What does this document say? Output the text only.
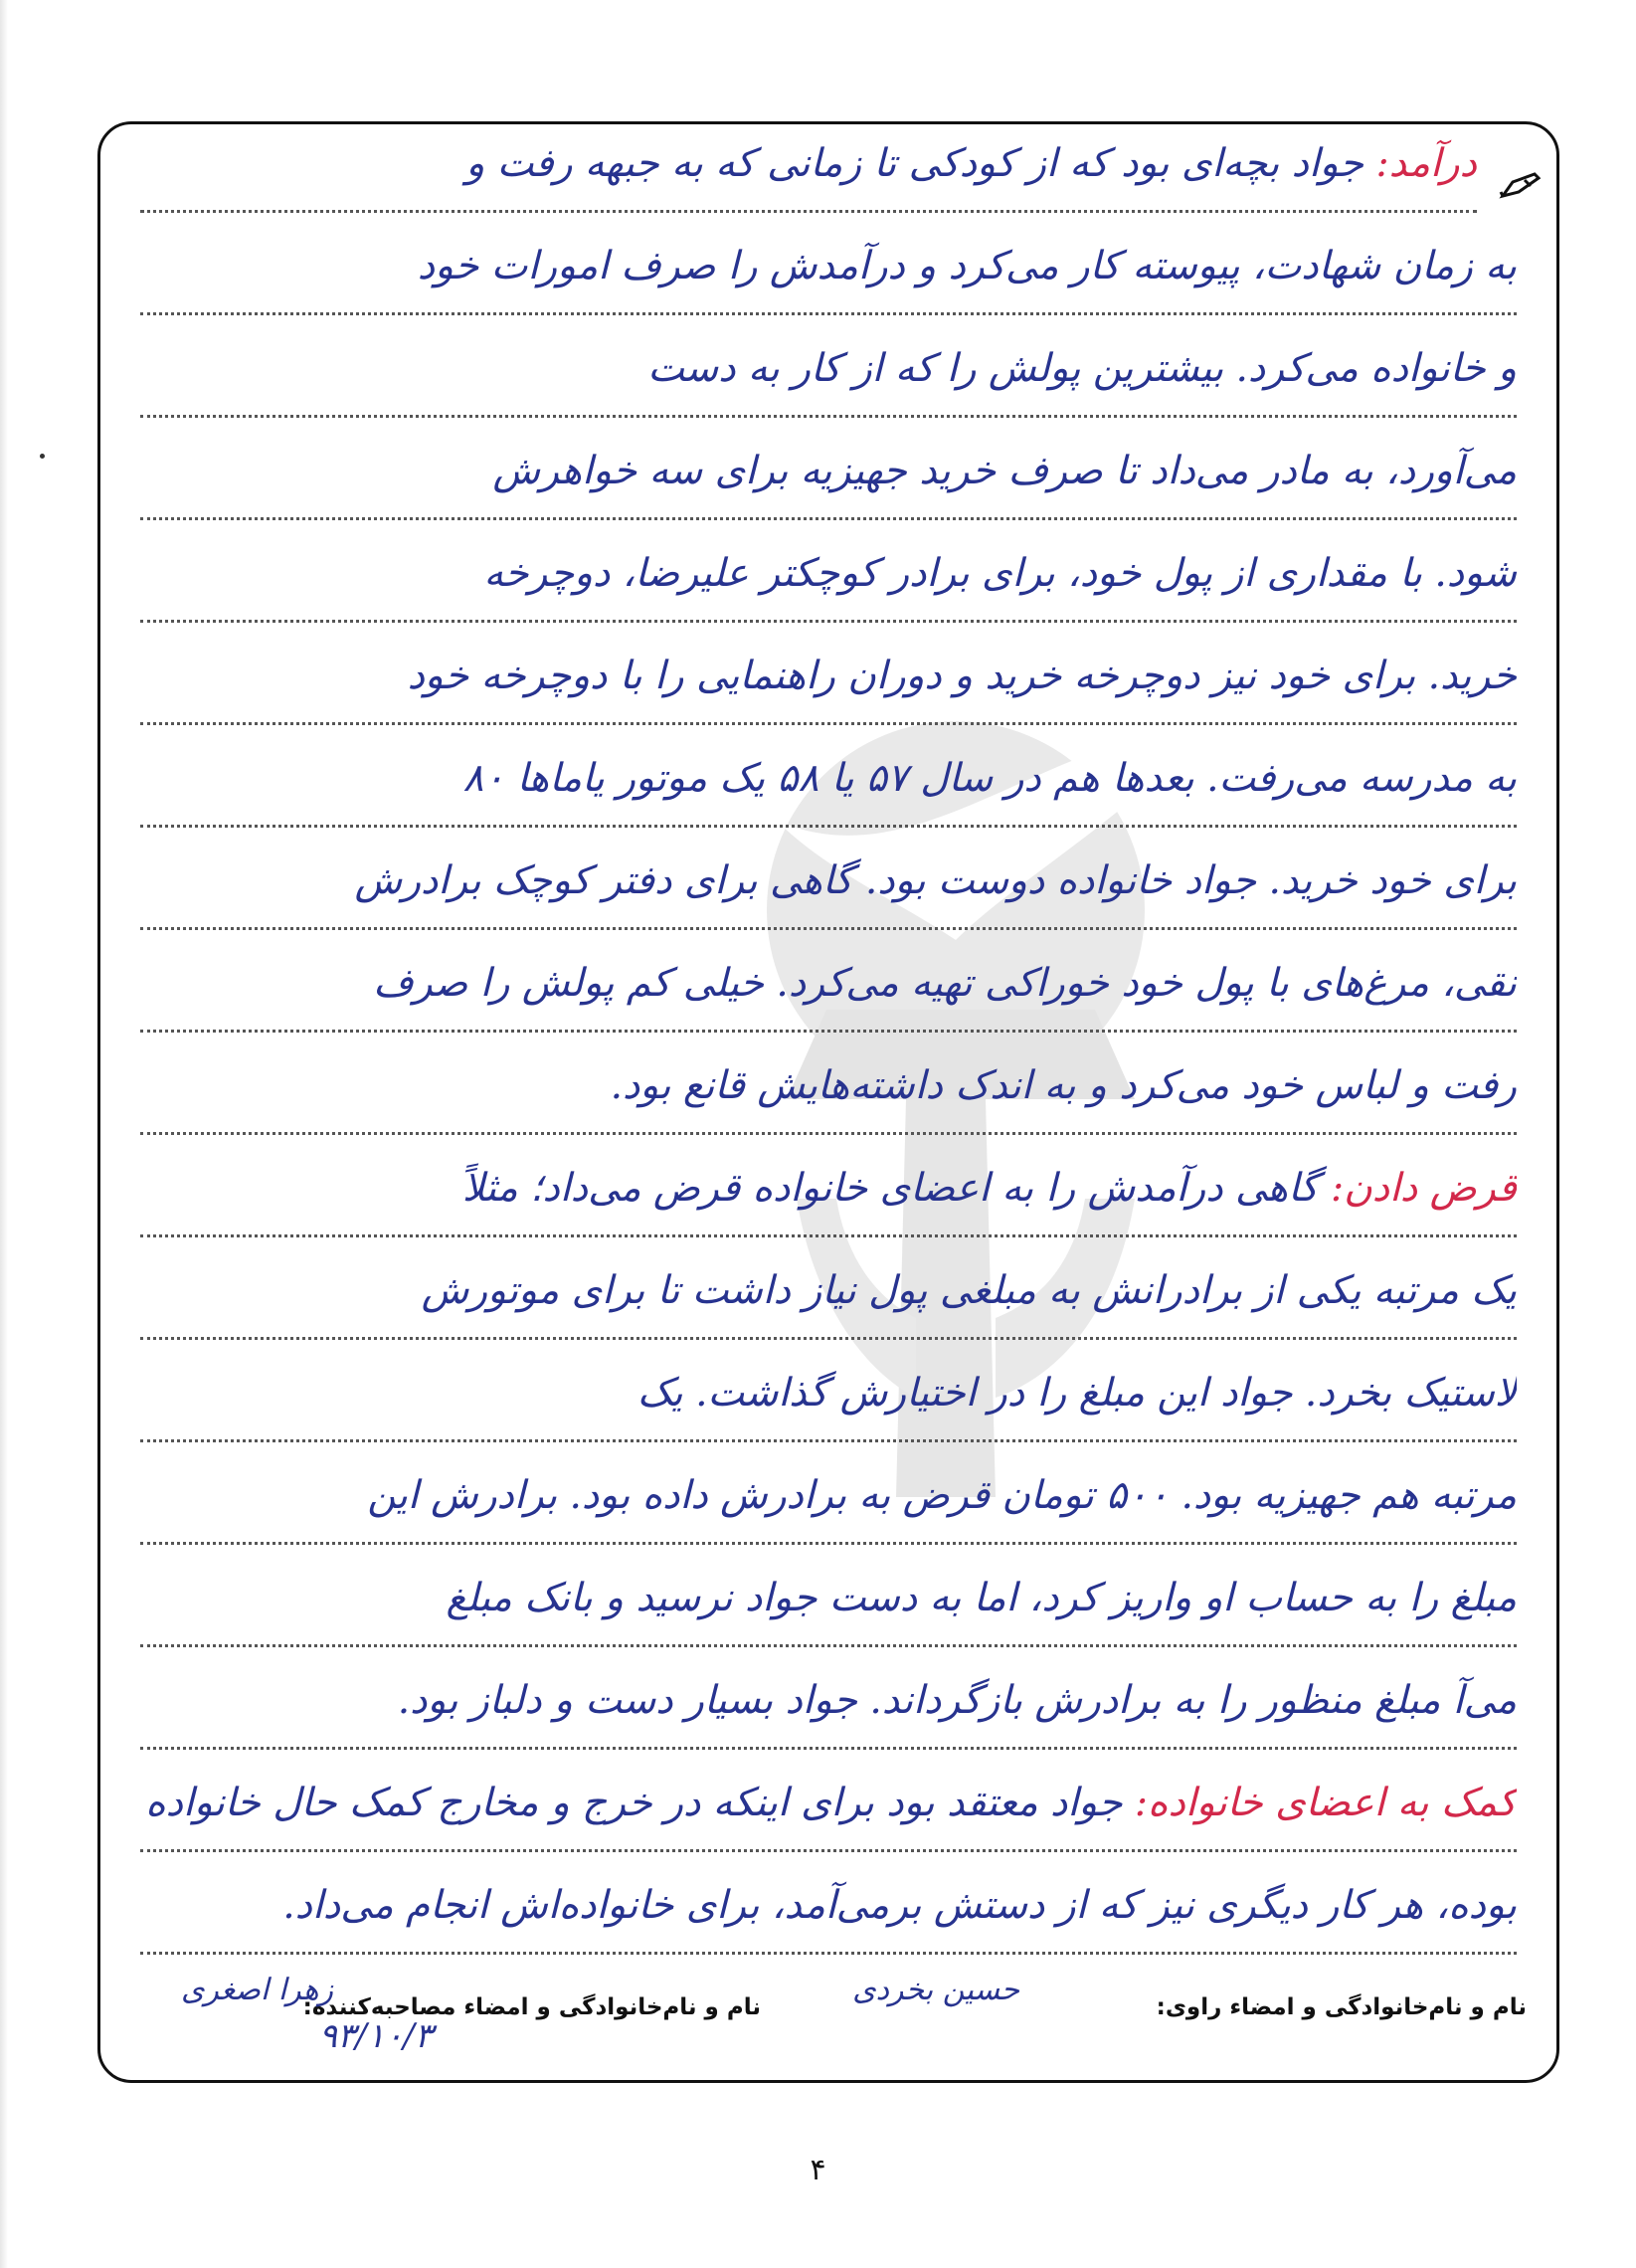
درآمد: جواد بچه‌ای بود که از کودکی تا زمانی که به جبهه رفت و
به زمان شهادت، پیوسته کار می‌کرد و درآمدش را صرف امورات خود
و خانواده می‌کرد. بیشترین پولش را که از کار به دست
می‌آورد، به مادر می‌داد تا صرف خرید جهیزیه برای سه خواهرش
شود. با مقداری از پول خود، برای برادر کوچکتر علیرضا، دوچرخه
خرید. برای خود نیز دوچرخه خرید و دوران راهنمایی را با دوچرخه خود
به مدرسه می‌رفت. بعدها هم در سال ۵۷ یا ۵۸ یک موتور یاماها ۸۰
برای خود خرید. جواد خانواده دوست بود. گاهی برای دفتر کوچک برادرش
نقی، مرغ‌های با پول خود خوراکی تهیه می‌کرد. خیلی کم پولش را صرف
رفت و لباس خود می‌کرد و به اندک داشته‌هایش قانع بود.
قرض دادن: گاهی درآمدش را به اعضای خانواده قرض می‌داد؛ مثلاً
یک مرتبه یکی از برادرانش به مبلغی پول نیاز داشت تا برای موتورش
لاستیک بخرد. جواد این مبلغ را در اختیارش گذاشت. یک
مرتبه هم جهیزیه بود. ۵۰۰ تومان قرض به برادرش داده بود. برادرش این
مبلغ را به حساب او واریز کرد، اما به دست جواد نرسید و بانک مبلغ
می‌آ مبلغ منظور را به برادرش بازگرداند. جواد بسیار دست و دلباز بود.
کمک به اعضای خانواده: جواد معتقد بود برای اینکه در خرج و مخارج کمک حال خانواده
بوده، هر کار دیگری نیز که از دستش برمی‌آمد، برای خانواده‌اش انجام می‌داد.
نام و نام‌خانوادگی و امضاء راوی:
حسین بخردی
نام و نام‌خانوادگی و امضاء مصاحبه‌کننده:
زهرا اصغری
۹۳/۱۰/۳
۴
